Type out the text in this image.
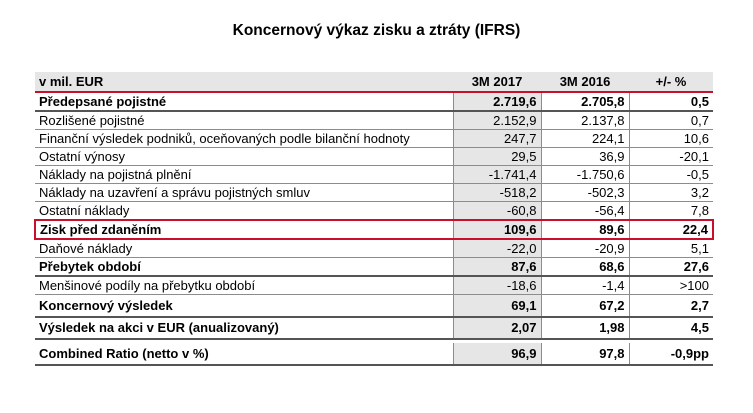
Koncernový výkaz zisku a ztráty (IFRS)
v mil. EUR	3M 2017	3M 2016	+/- %
Předepsané pojistné	2.719,6	2.705,8	0,5
Rozlišené pojistné	2.152,9	2.137,8	0,7
Finanční výsledek podniků, oceňovaných podle bilanční hodnoty	247,7	224,1	10,6
Ostatní výnosy	29,5	36,9	-20,1
Náklady na pojistná plnění	-1.741,4	-1.750,6	-0,5
Náklady na uzavření a správu pojistných smluv	-518,2	-502,3	3,2
Ostatní náklady	-60,8	-56,4	7,8
Zisk před zdaněním	109,6	89,6	22,4
Daňové náklady	-22,0	-20,9	5,1
Přebytek období	87,6	68,6	27,6
Menšinové podíly na přebytku období	-18,6	-1,4	>100
Koncernový výsledek	69,1	67,2	2,7
Výsledek na akci v EUR (anualizovaný)	2,07	1,98	4,5

Combined Ratio (netto v %)	96,9	97,8	-0,9pp
